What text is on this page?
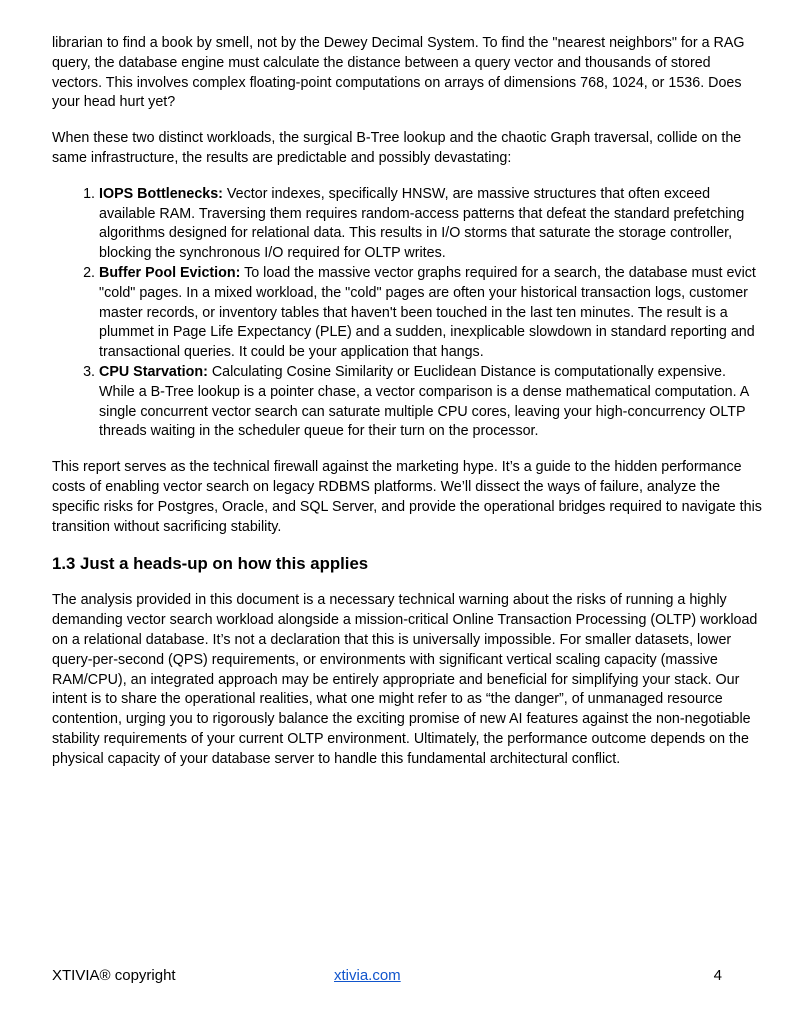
librarian to find a book by smell, not by the Dewey Decimal System. To find the "nearest neighbors" for a RAG query, the database engine must calculate the distance between a query vector and thousands of stored vectors. This involves complex floating-point computations on arrays of dimensions 768, 1024, or 1536. Does your head hurt yet?

When these two distinct workloads, the surgical B-Tree lookup and the chaotic Graph traversal, collide on the same infrastructure, the results are predictable and possibly devastating:

1. IOPS Bottlenecks: Vector indexes, specifically HNSW, are massive structures that often exceed available RAM. Traversing them requires random-access patterns that defeat the standard prefetching algorithms designed for relational data. This results in I/O storms that saturate the storage controller, blocking the synchronous I/O required for OLTP writes.
2. Buffer Pool Eviction: To load the massive vector graphs required for a search, the database must evict "cold" pages. In a mixed workload, the "cold" pages are often your historical transaction logs, customer master records, or inventory tables that haven't been touched in the last ten minutes. The result is a plummet in Page Life Expectancy (PLE) and a sudden, inexplicable slowdown in standard reporting and transactional queries. It could be your application that hangs.
3. CPU Starvation: Calculating Cosine Similarity or Euclidean Distance is computationally expensive. While a B-Tree lookup is a pointer chase, a vector comparison is a dense mathematical computation. A single concurrent vector search can saturate multiple CPU cores, leaving your high-concurrency OLTP threads waiting in the scheduler queue for their turn on the processor.

This report serves as the technical firewall against the marketing hype. It’s a guide to the hidden performance costs of enabling vector search on legacy RDBMS platforms. We’ll dissect the ways of failure, analyze the specific risks for Postgres, Oracle, and SQL Server, and provide the operational bridges required to navigate this transition without sacrificing stability.

1.3 Just a heads-up on how this applies

The analysis provided in this document is a necessary technical warning about the risks of running a highly demanding vector search workload alongside a mission-critical Online Transaction Processing (OLTP) workload on a relational database. It’s not a declaration that this is universally impossible. For smaller datasets, lower query-per-second (QPS) requirements, or environments with significant vertical scaling capacity (massive RAM/CPU), an integrated approach may be entirely appropriate and beneficial for simplifying your stack. Our intent is to share the operational realities, what one might refer to as “the danger”, of unmanaged resource contention, urging you to rigorously balance the exciting promise of new AI features against the non-negotiable stability requirements of your current OLTP environment. Ultimately, the performance outcome depends on the physical capacity of your database server to handle this fundamental architectural conflict.

XTIVIA® copyright	xtivia.com	4
